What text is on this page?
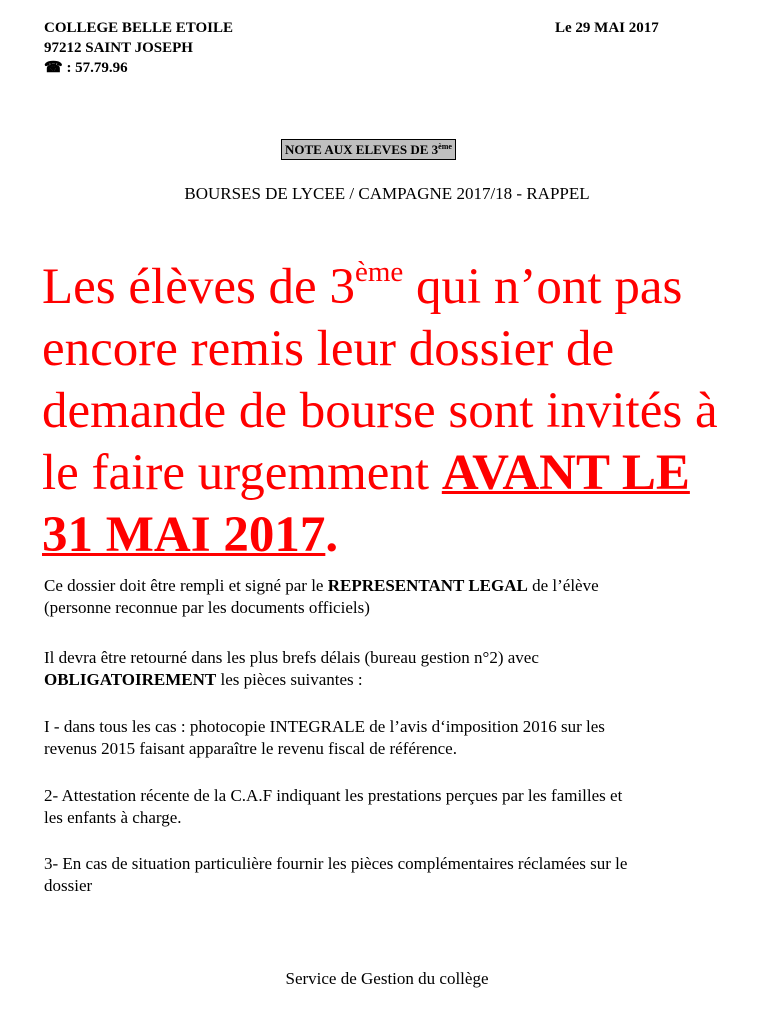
COLLEGE BELLE ETOILE
97212 SAINT JOSEPH
☎ : 57.79.96
Le 29 MAI 2017
NOTE AUX ELEVES DE 3ème
BOURSES DE LYCEE / CAMPAGNE 2017/18 - RAPPEL
Les élèves de 3ème qui n’ont pas
encore remis leur dossier de
demande de bourse sont invités à
le faire urgemment AVANT LE
31 MAI 2017.
Ce dossier doit être rempli et signé par le REPRESENTANT LEGAL de l’élève
(personne reconnue par les documents officiels)
Il devra être retourné dans les plus brefs délais (bureau gestion n°2) avec
OBLIGATOIREMENT les pièces suivantes :
I - dans tous les cas : photocopie INTEGRALE de l’avis d‘imposition 2016 sur les
revenus 2015 faisant apparaître le revenu fiscal de référence.
2- Attestation récente de la C.A.F indiquant les prestations perçues par les familles et
les enfants à charge.
3- En cas de situation particulière fournir les pièces complémentaires réclamées sur le
dossier
Service de Gestion du collège
